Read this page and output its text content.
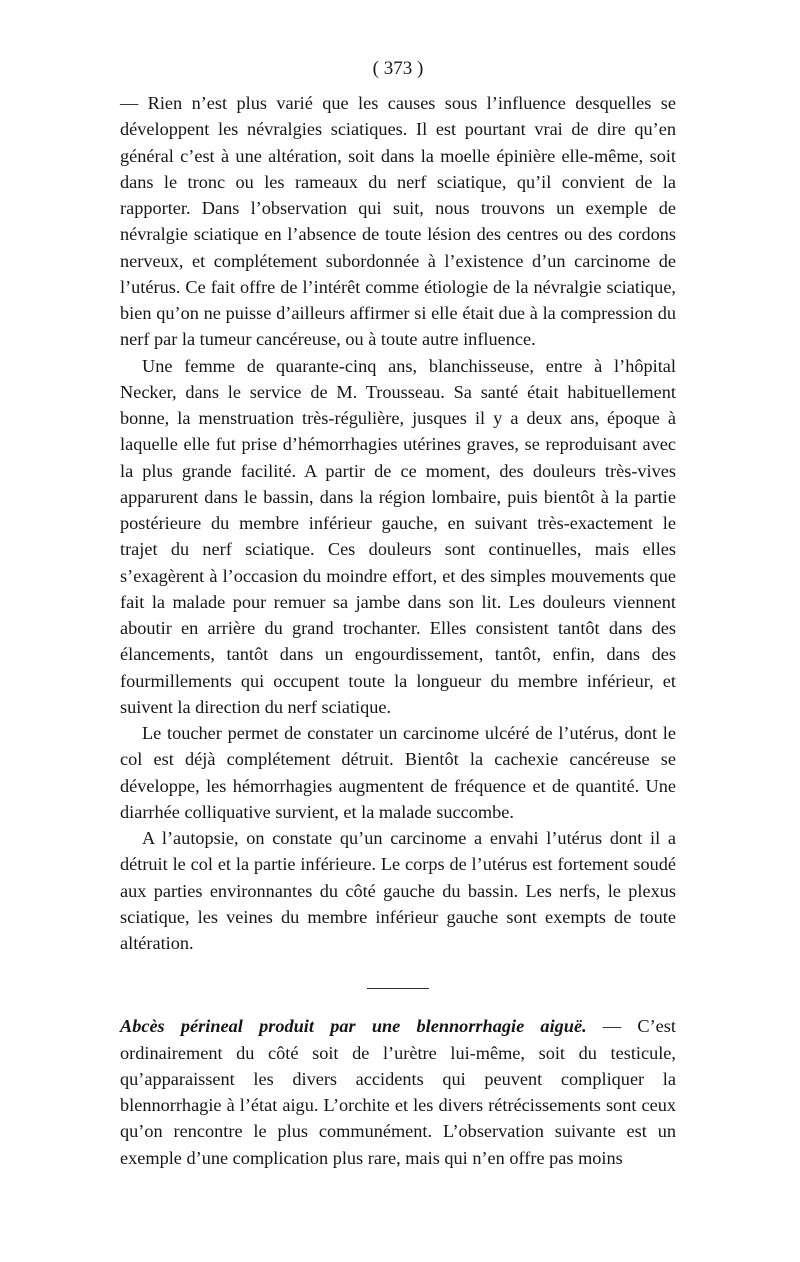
( 373 )

— Rien n’est plus varié que les causes sous l’influence desquelles se développent les névralgies sciatiques. Il est pourtant vrai de dire qu’en général c’est à une altération, soit dans la moelle épinière elle-même, soit dans le tronc ou les rameaux du nerf sciatique, qu’il convient de la rapporter. Dans l’observation qui suit, nous trouvons un exemple de névralgie sciatique en l’absence de toute lésion des centres ou des cordons nerveux, et complétement subordonnée à l’existence d’un carcinome de l’utérus. Ce fait offre de l’intérêt comme étiologie de la névralgie sciatique, bien qu’on ne puisse d’ailleurs affirmer si elle était due à la compression du nerf par la tumeur cancéreuse, ou à toute autre influence.

Une femme de quarante-cinq ans, blanchisseuse, entre à l’hôpital Necker, dans le service de M. Trousseau. Sa santé était habituellement bonne, la menstruation très-régulière, jusques il y a deux ans, époque à laquelle elle fut prise d’hémorrhagies utérines graves, se reproduisant avec la plus grande facilité. A partir de ce moment, des douleurs très-vives apparurent dans le bassin, dans la région lombaire, puis bientôt à la partie postérieure du membre inférieur gauche, en suivant très-exactement le trajet du nerf sciatique. Ces douleurs sont continuelles, mais elles s’exagèrent à l’occasion du moindre effort, et des simples mouvements que fait la malade pour remuer sa jambe dans son lit. Les douleurs viennent aboutir en arrière du grand trochanter. Elles consistent tantôt dans des élancements, tantôt dans un engourdissement, tantôt, enfin, dans des fourmillements qui occupent toute la longueur du membre inférieur, et suivent la direction du nerf sciatique.

Le toucher permet de constater un carcinome ulcéré de l’utérus, dont le col est déjà complétement détruit. Bientôt la cachexie cancéreuse se développe, les hémorrhagies augmentent de fréquence et de quantité. Une diarrhée colliquative survient, et la malade succombe.

A l’autopsie, on constate qu’un carcinome a envahi l’utérus dont il a détruit le col et la partie inférieure. Le corps de l’utérus est fortement soudé aux parties environnantes du côté gauche du bassin. Les nerfs, le plexus sciatique, les veines du membre inférieur gauche sont exempts de toute altération.

Abcès périneal produit par une blennorrhagie aiguë. — C’est ordinairement du côté soit de l’urètre lui-même, soit du testicule, qu’apparaissent les divers accidents qui peuvent compliquer la blennorrhagie à l’état aigu. L’orchite et les divers rétrécissements sont ceux qu’on rencontre le plus communément. L’observation suivante est un exemple d’une complication plus rare, mais qui n’en offre pas moins
